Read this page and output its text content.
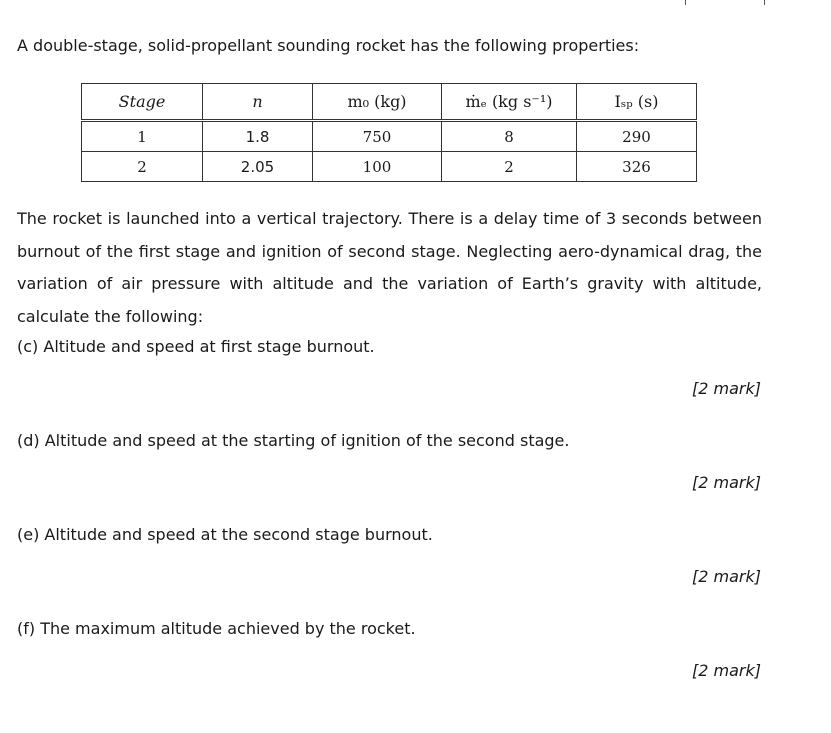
A double-stage, solid-propellant sounding rocket has the following properties:

Stage	n	m₀ (kg)	ṁₑ (kg s⁻¹)	Iₛₚ (s)
1	1.8	750	8	290
2	2.05	100	2	326
The rocket is launched into a vertical trajectory. There is a delay time of 3 seconds between
burnout of the first stage and ignition of second stage. Neglecting aero-dynamical drag, the
variation of air pressure with altitude and the variation of Earth’s gravity with altitude,
calculate the following:

(c) Altitude and speed at first stage burnout.

[2 mark]

(d) Altitude and speed at the starting of ignition of the second stage.

[2 mark]

(e) Altitude and speed at the second stage burnout.

[2 mark]

(f) The maximum altitude achieved by the rocket.

[2 mark]
